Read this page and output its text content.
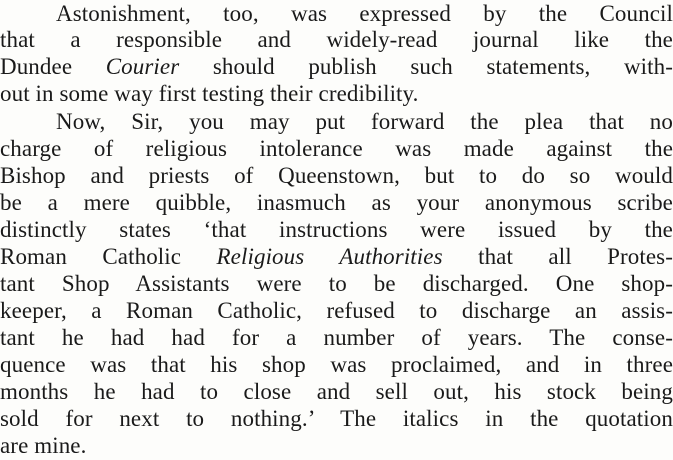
Astonishment, too, was expressed by the Council
that a responsible and widely-read journal like the
Dundee Courier should publish such statements, with-
out in some way first testing their credibility.
Now, Sir, you may put forward the plea that no
charge of religious intolerance was made against the
Bishop and priests of Queenstown, but to do so would
be a mere quibble, inasmuch as your anonymous scribe
distinctly states ‘that instructions were issued by the
Roman Catholic Religious Authorities that all Protes-
tant Shop Assistants were to be discharged. One shop-
keeper, a Roman Catholic, refused to discharge an assis-
tant he had had for a number of years. The conse-
quence was that his shop was proclaimed, and in three
months he had to close and sell out, his stock being
sold for next to nothing.’ The italics in the quotation
are mine.
